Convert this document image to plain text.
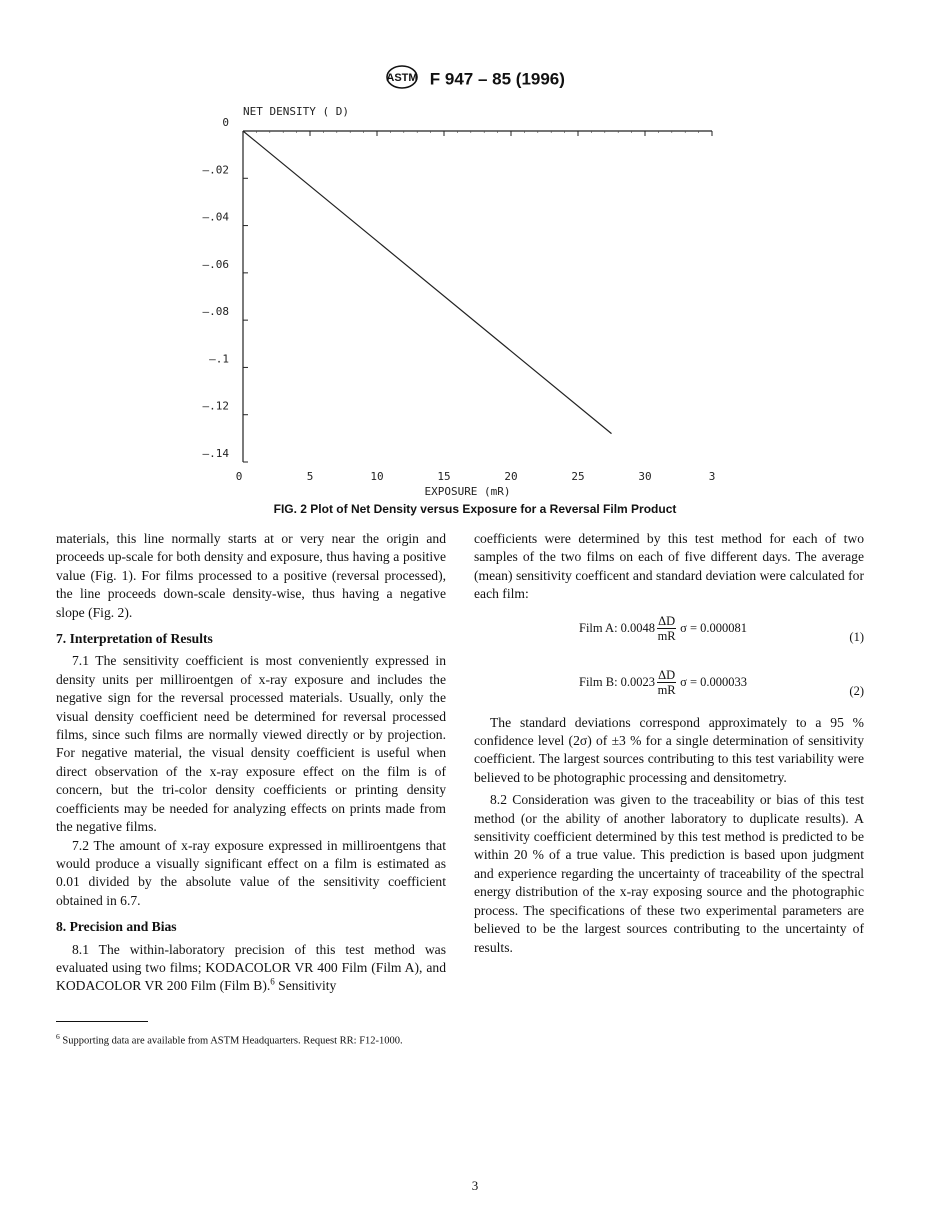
ASTM F 947 – 85 (1996)
0	5	10	15	20	25	30	3
0
–.02
–.04
–.06
–.08
–.1
–.12
–.14
NET DENSITY ( D)
EXPOSURE (mR)
FIG. 2 Plot of Net Density versus Exposure for a Reversal Film Product

materials, this line normally starts at or very near the origin and proceeds up-scale for both density and exposure, thus having a positive value (Fig. 1). For films processed to a positive (reversal processed), the line proceeds down-scale density-wise, thus having a negative slope (Fig. 2).

7. Interpretation of Results

7.1 The sensitivity coefficient is most conveniently expressed in density units per milliroentgen of x-ray exposure and includes the negative sign for the reversal processed materials. Usually, only the visual density coefficient need be determined for reversal processed films, since such films are normally viewed directly or by projection. For negative material, the visual density coefficient is useful when direct observation of the x-ray exposure effect on the film is of concern, but the tri-color density coefficients or printing density coefficients may be needed for analyzing effects on prints made from the negative films.

7.2 The amount of x-ray exposure expressed in milliroentgens that would produce a visually significant effect on a film is estimated as 0.01 divided by the absolute value of the sensitivity coefficient obtained in 6.7.

8. Precision and Bias

8.1 The within-laboratory precision of this test method was evaluated using two films; KODACOLOR VR 400 Film (Film A), and KODACOLOR VR 200 Film (Film B).$^6$ Sensitivity

coefficients were determined by this test method for each of two samples of the two films on each of five different days. The average (mean) sensitivity coefficent and standard deviation were calculated for each film:

Film A: $0.0048 \frac{\Delta D}{mR}$ σ = 0.000081
(1)
Film B: $0.0023 \frac{\Delta D}{mR}$ σ = 0.000033
(2)

The standard deviations correspond approximately to a 95 % confidence level (2σ) of ±3 % for a single determination of sensitivity coefficient. The largest sources contributing to this test variability were believed to be photographic processing and densitometry.

8.2 Consideration was given to the traceability or bias of this test method (or the ability of another laboratory to duplicate results). A sensitivity coefficient determined by this test method is predicted to be within 20 % of a true value. This prediction is based upon judgment and experience regarding the uncertainty of traceability of the spectral energy distribution of the x-ray exposing source and the photographic process. The specifications of these two experimental parameters are believed to be the largest sources contributing to the uncertainty of results.

$^6$ Supporting data are available from ASTM Headquarters. Request RR: F12-1000.
3
